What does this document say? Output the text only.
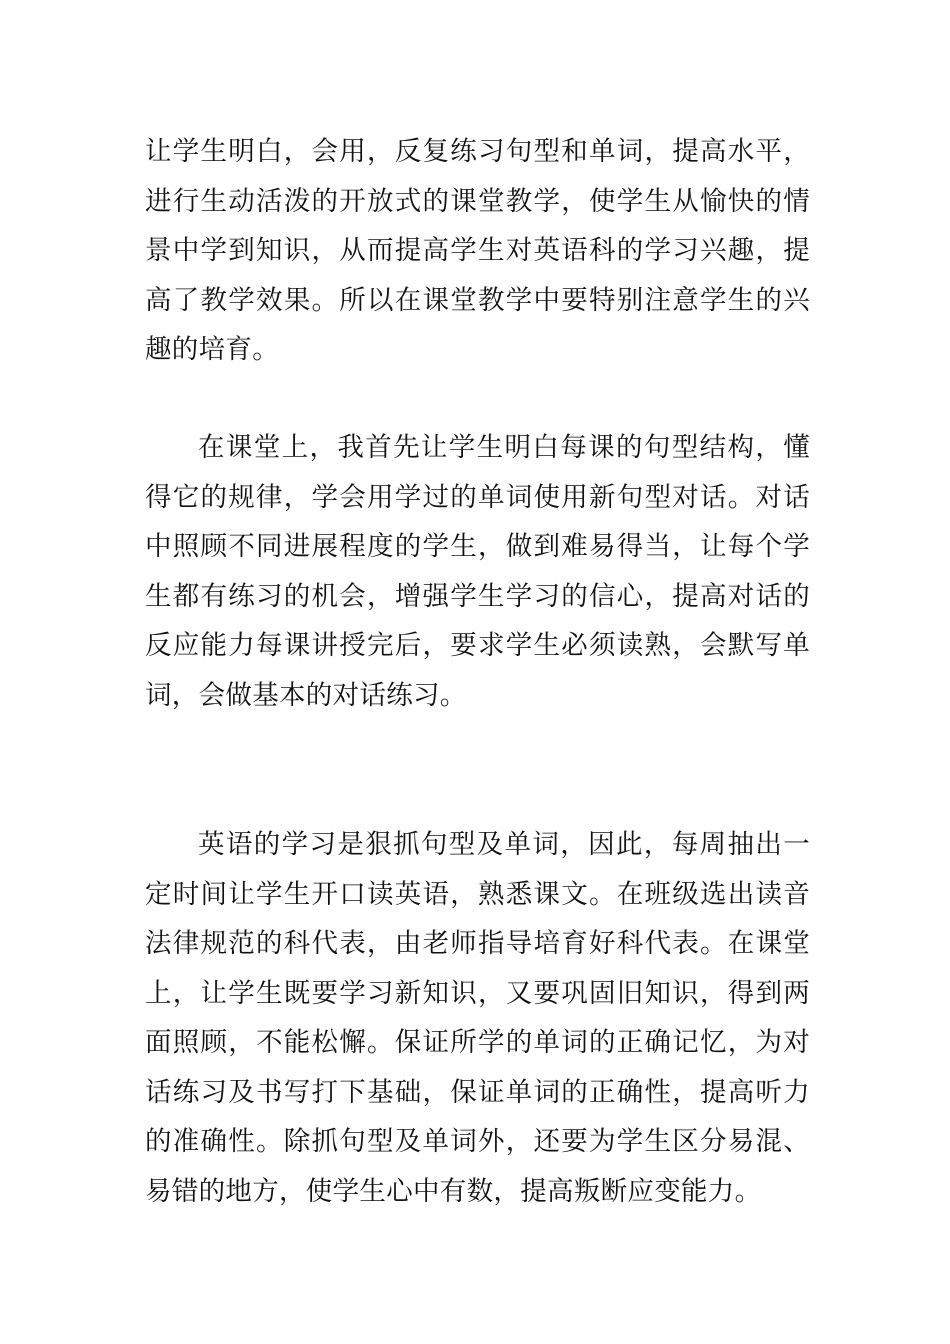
让学生明白，会用，反复练习句型和单词，提高水平，进行生动活泼的开放式的课堂教学，使学生从愉快的情景中学到知识，从而提高学生对英语科的学习兴趣，提高了教学效果。所以在课堂教学中要特别注意学生的兴趣的培育。

在课堂上，我首先让学生明白每课的句型结构，懂得它的规律，学会用学过的单词使用新句型对话。对话中照顾不同进展程度的学生，做到难易得当，让每个学生都有练习的机会，增强学生学习的信心，提高对话的反应能力每课讲授完后，要求学生必须读熟，会默写单词，会做基本的对话练习。

英语的学习是狠抓句型及单词，因此，每周抽出一定时间让学生开口读英语，熟悉课文。在班级选出读音法律规范的科代表，由老师指导培育好科代表。在课堂上，让学生既要学习新知识，又要巩固旧知识，得到两面照顾，不能松懈。保证所学的单词的正确记忆，为对话练习及书写打下基础，保证单词的正确性，提高听力的准确性。除抓句型及单词外，还要为学生区分易混、易错的地方，使学生心中有数，提高叛断应变能力。
